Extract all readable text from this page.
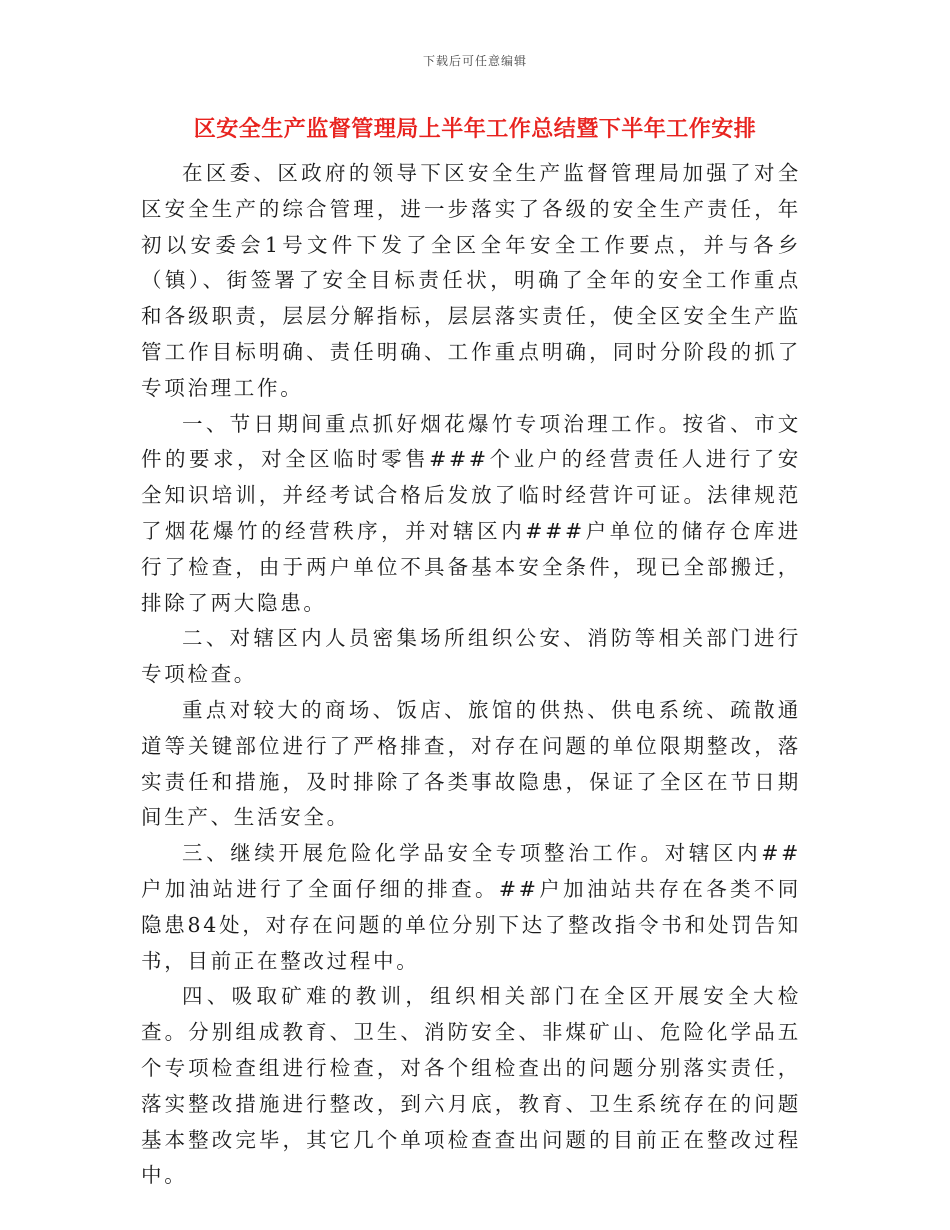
下载后可任意编辑
区安全生产监督管理局上半年工作总结暨下半年工作安排

在区委、区政府的领导下区安全生产监督管理局加强了对全区安全生产的综合管理，进一步落实了各级的安全生产责任，年初以安委会1号文件下发了全区全年安全工作要点，并与各乡（镇）、街签署了安全目标责任状，明确了全年的安全工作重点和各级职责，层层分解指标，层层落实责任，使全区安全生产监管工作目标明确、责任明确、工作重点明确，同时分阶段的抓了专项治理工作。

一、节日期间重点抓好烟花爆竹专项治理工作。按省、市文件的要求，对全区临时零售###个业户的经营责任人进行了安全知识培训，并经考试合格后发放了临时经营许可证。法律规范了烟花爆竹的经营秩序，并对辖区内###户单位的储存仓库进行了检查，由于两户单位不具备基本安全条件，现已全部搬迁，排除了两大隐患。

二、对辖区内人员密集场所组织公安、消防等相关部门进行专项检查。

重点对较大的商场、饭店、旅馆的供热、供电系统、疏散通道等关键部位进行了严格排查，对存在问题的单位限期整改，落实责任和措施，及时排除了各类事故隐患，保证了全区在节日期间生产、生活安全。

三、继续开展危险化学品安全专项整治工作。对辖区内##户加油站进行了全面仔细的排查。##户加油站共存在各类不同隐患84处，对存在问题的单位分别下达了整改指令书和处罚告知书，目前正在整改过程中。

四、吸取矿难的教训，组织相关部门在全区开展安全大检查。分别组成教育、卫生、消防安全、非煤矿山、危险化学品五个专项检查组进行检查，对各个组检查出的问题分别落实责任，落实整改措施进行整改，到六月底，教育、卫生系统存在的问题基本整改完毕，其它几个单项检查查出问题的目前正在整改过程中。
